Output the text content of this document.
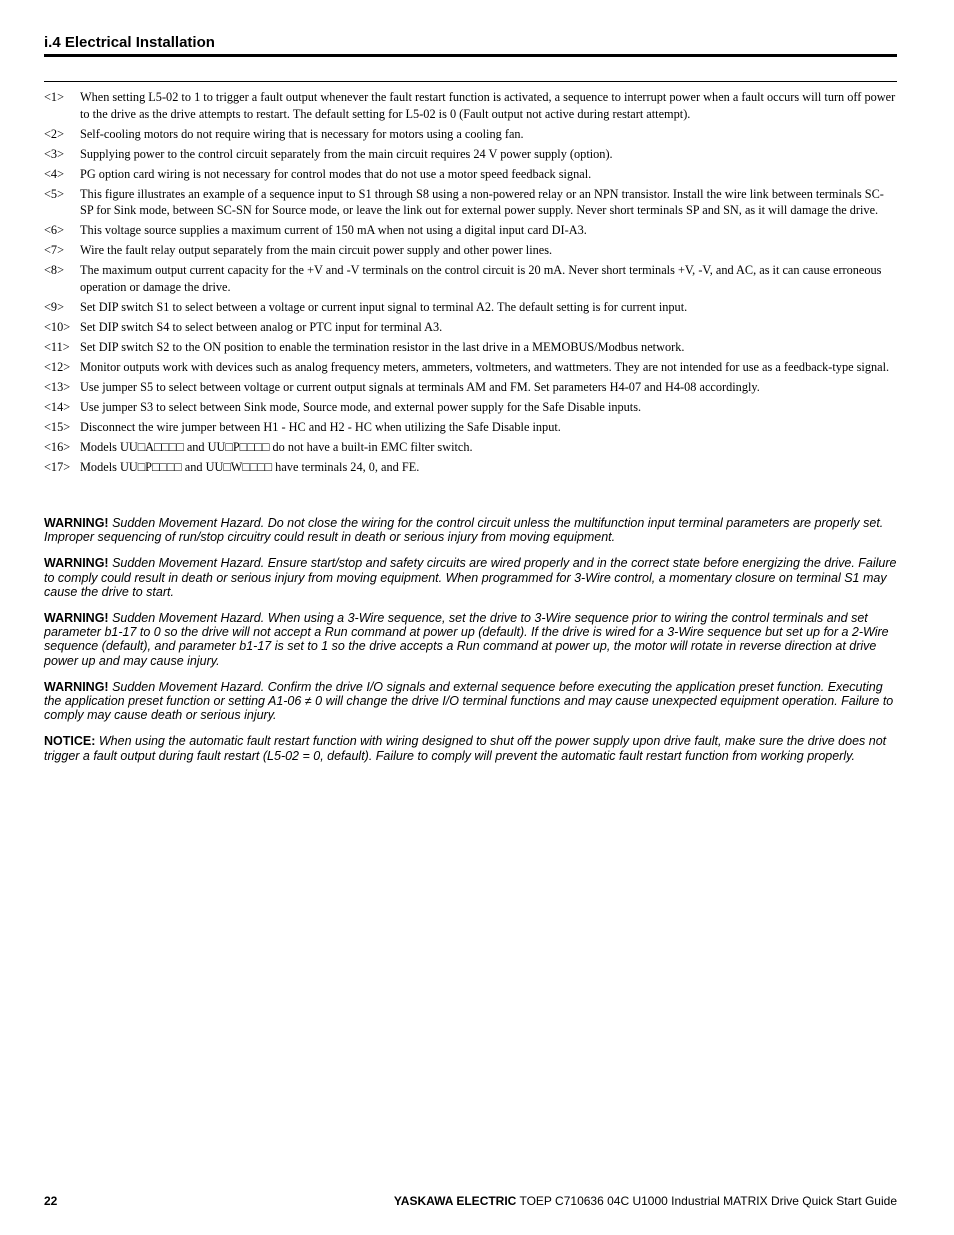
i.4 Electrical Installation
<1>	When setting L5-02 to 1 to trigger a fault output whenever the fault restart function is activated, a sequence to interrupt power when a fault occurs will turn off power to the drive as the drive attempts to restart. The default setting for L5-02 is 0 (Fault output not active during restart attempt).
<2>	Self-cooling motors do not require wiring that is necessary for motors using a cooling fan.
<3>	Supplying power to the control circuit separately from the main circuit requires 24 V power supply (option).
<4>	PG option card wiring is not necessary for control modes that do not use a motor speed feedback signal.
<5>	This figure illustrates an example of a sequence input to S1 through S8 using a non-powered relay or an NPN transistor. Install the wire link between terminals SC-SP for Sink mode, between SC-SN for Source mode, or leave the link out for external power supply. Never short terminals SP and SN, as it will damage the drive.
<6>	This voltage source supplies a maximum current of 150 mA when not using a digital input card DI-A3.
<7>	Wire the fault relay output separately from the main circuit power supply and other power lines.
<8>	The maximum output current capacity for the +V and -V terminals on the control circuit is 20 mA. Never short terminals +V, -V, and AC, as it can cause erroneous operation or damage the drive.
<9>	Set DIP switch S1 to select between a voltage or current input signal to terminal A2. The default setting is for current input.
<10> Set DIP switch S4 to select between analog or PTC input for terminal A3.
<11> Set DIP switch S2 to the ON position to enable the termination resistor in the last drive in a MEMOBUS/Modbus network.
<12> Monitor outputs work with devices such as analog frequency meters, ammeters, voltmeters, and wattmeters. They are not intended for use as a feedback-type signal.
<13> Use jumper S5 to select between voltage or current output signals at terminals AM and FM. Set parameters H4-07 and H4-08 accordingly.
<14> Use jumper S3 to select between Sink mode, Source mode, and external power supply for the Safe Disable inputs.
<15> Disconnect the wire jumper between H1 - HC and H2 - HC when utilizing the Safe Disable input.
<16> Models UU□A□□□□ and UU□P□□□□ do not have a built-in EMC filter switch.
<17> Models UU□P□□□□ and UU□W□□□□ have terminals 24, 0, and FE.
WARNING! Sudden Movement Hazard. Do not close the wiring for the control circuit unless the multifunction input terminal parameters are properly set. Improper sequencing of run/stop circuitry could result in death or serious injury from moving equipment.
WARNING! Sudden Movement Hazard. Ensure start/stop and safety circuits are wired properly and in the correct state before energizing the drive. Failure to comply could result in death or serious injury from moving equipment. When programmed for 3-Wire control, a momentary closure on terminal S1 may cause the drive to start.
WARNING! Sudden Movement Hazard. When using a 3-Wire sequence, set the drive to 3-Wire sequence prior to wiring the control terminals and set parameter b1-17 to 0 so the drive will not accept a Run command at power up (default). If the drive is wired for a 3-Wire sequence but set up for a 2-Wire sequence (default), and parameter b1-17 is set to 1 so the drive accepts a Run command at power up, the motor will rotate in reverse direction at drive power up and may cause injury.
WARNING! Sudden Movement Hazard. Confirm the drive I/O signals and external sequence before executing the application preset function. Executing the application preset function or setting A1-06 ≠ 0 will change the drive I/O terminal functions and may cause unexpected equipment operation. Failure to comply may cause death or serious injury.
NOTICE: When using the automatic fault restart function with wiring designed to shut off the power supply upon drive fault, make sure the drive does not trigger a fault output during fault restart (L5-02 = 0, default). Failure to comply will prevent the automatic fault restart function from working properly.
22	YASKAWA ELECTRIC TOEP C710636 04C U1000 Industrial MATRIX Drive Quick Start Guide
